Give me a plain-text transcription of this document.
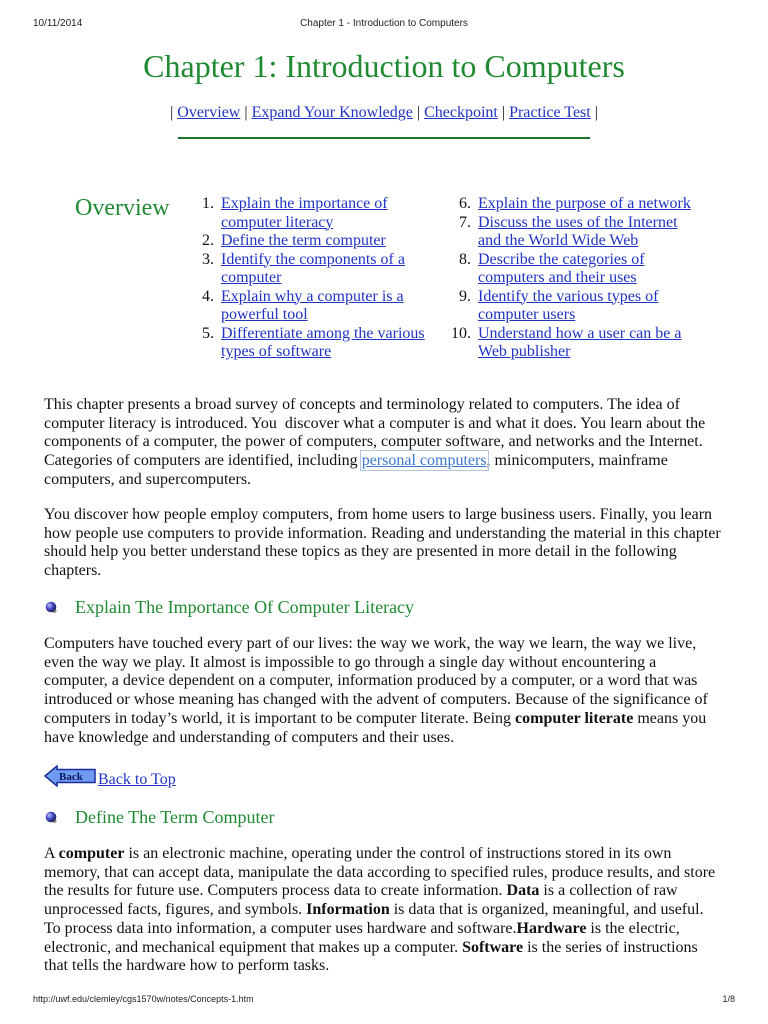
10/11/2014	Chapter 1 - Introduction to Computers
Chapter 1: Introduction to Computers
| Overview | Expand Your Knowledge | Checkpoint | Practice Test |
Overview	1. Explain the importance of
computer literacy
2. Define the term computer
3. Identify the components of a
computer
4. Explain why a computer is a
powerful tool
5. Differentiate among the various
types of software
6. Explain the purpose of a network
7. Discuss the uses of the Internet
and the World Wide Web
8. Describe the categories of
computers and their uses
9. Identify the various types of
computer users
10. Understand how a user can be a
Web publisher

This chapter presents a broad survey of concepts and terminology related to computers. The idea of
computer literacy is introduced. You  discover what a computer is and what it does. You learn about the
components of a computer, the power of computers, computer software, and networks and the Internet.
Categories of computers are identified, including personal computers, minicomputers, mainframe
computers, and supercomputers.

You discover how people employ computers, from home users to large business users. Finally, you learn
how people use computers to provide information. Reading and understanding the material in this chapter
should help you better understand these topics as they are presented in more detail in the following
chapters.

Explain The Importance Of Computer Literacy

Computers have touched every part of our lives: the way we work, the way we learn, the way we live,
even the way we play. It almost is impossible to go through a single day without encountering a
computer, a device dependent on a computer, information produced by a computer, or a word that was
introduced or whose meaning has changed with the advent of computers. Because of the significance of
computers in today’s world, it is important to be computer literate. Being computer literate means you
have knowledge and understanding of computers and their uses.

Back Back to Top
Define The Term Computer

A computer is an electronic machine, operating under the control of instructions stored in its own
memory, that can accept data, manipulate the data according to specified rules, produce results, and store
the results for future use. Computers process data to create information. Data is a collection of raw
unprocessed facts, figures, and symbols. Information is data that is organized, meaningful, and useful.
To process data into information, a computer uses hardware and software.Hardware is the electric,
electronic, and mechanical equipment that makes up a computer. Software is the series of instructions
that tells the hardware how to perform tasks.

http://uwf.edu/clemley/cgs1570w/notes/Concepts-1.htm	1/8
